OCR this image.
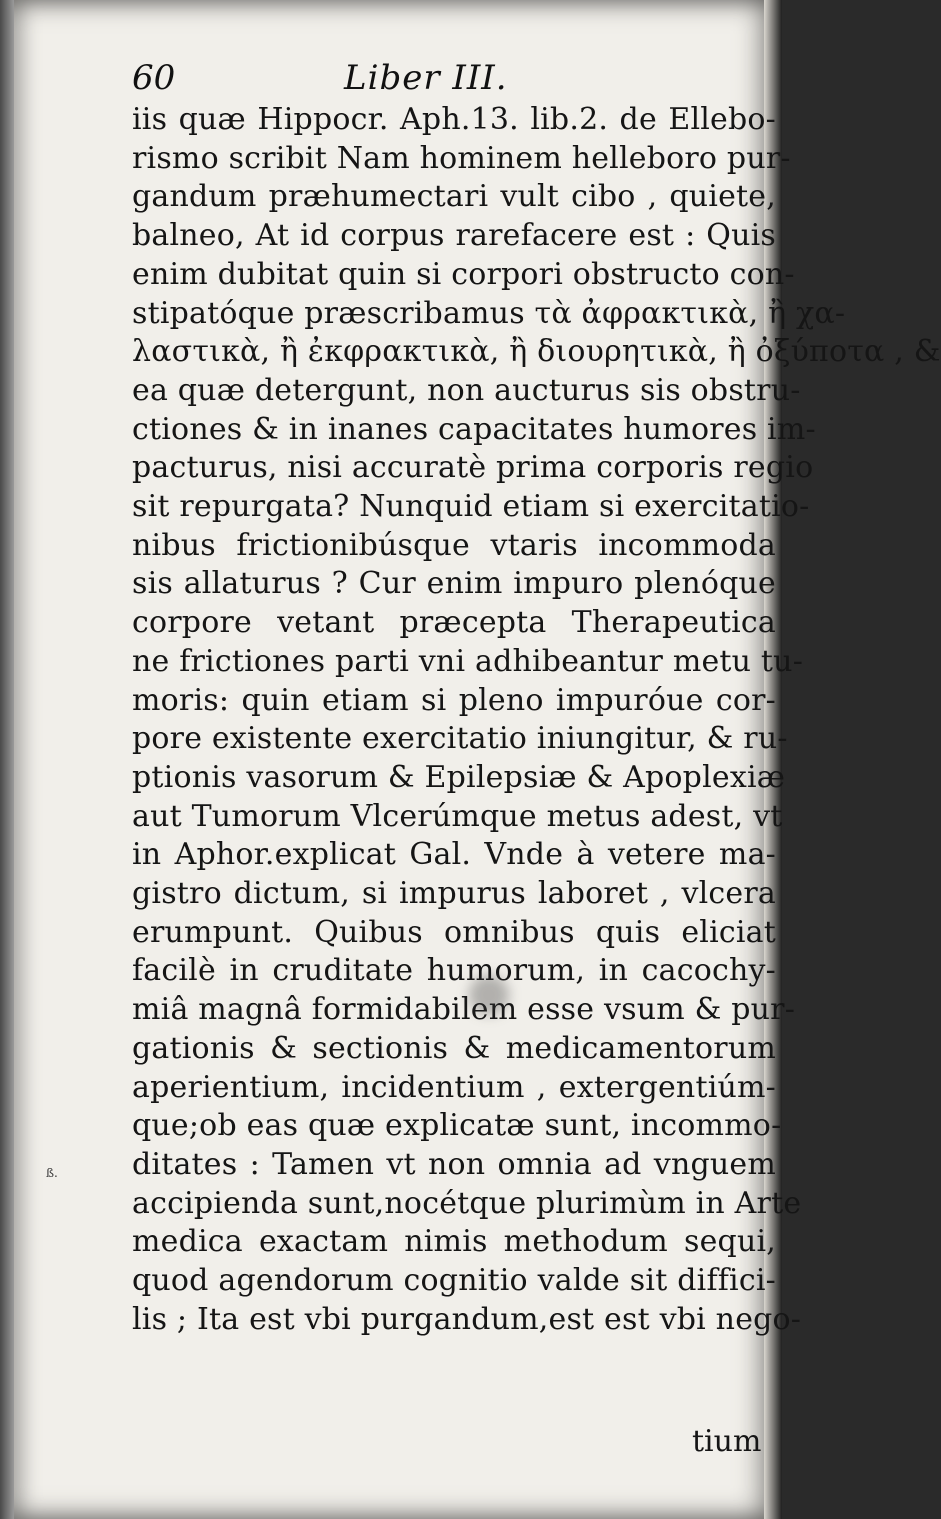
60	Liber III.
iis quæ Hippocr. Aph.13. lib.2. de Ellebo-
rismo scribit Nam hominem helleboro pur-
gandum præhumectari vult cibo , quiete,
balneo, At id corpus rarefacere est : Quis
enim dubitat quin si corpori obstructo con-
stipatóque præscribamus τὰ ἀφρακτικὰ, ἢ χα-
λαστικὰ, ἢ ἐκφρακτικὰ, ἢ διουρητικὰ, ἢ ὀξύποτα , &
ea quæ detergunt, non aucturus sis obstru-
ctiones & in inanes capacitates humores im-
pacturus, nisi accuratè prima corporis regio
sit repurgata? Nunquid etiam si exercitatio-
nibus frictionibúsque vtaris incommoda
sis allaturus ? Cur enim impuro plenóque
corpore vetant præcepta Therapeutica
ne frictiones parti vni adhibeantur metu tu-
moris: quin etiam si pleno impuróue cor-
pore existente exercitatio iniungitur, & ru-
ptionis vasorum & Epilepsiæ & Apoplexiæ
aut Tumorum Vlcerúmque metus adest, vt
in Aphor.explicat Gal. Vnde à vetere ma-
gistro dictum, si impurus laboret , vlcera
erumpunt. Quibus omnibus quis eliciat
facilè in cruditate humorum, in cacochy-
miâ magnâ formidabilem esse vsum & pur-
gationis & sectionis & medicamentorum
aperientium, incidentium , extergentiúm-
que;ob eas quæ explicatæ sunt, incommo-
ditates : Tamen vt non omnia ad vnguem
accipienda sunt,nocétque plurimùm in Arte
medica exactam nimis methodum sequi,
quod agendorum cognitio valde sit diffici-
lis ; Ita est vbi purgandum,est est vbi nego-
tium
ß.
